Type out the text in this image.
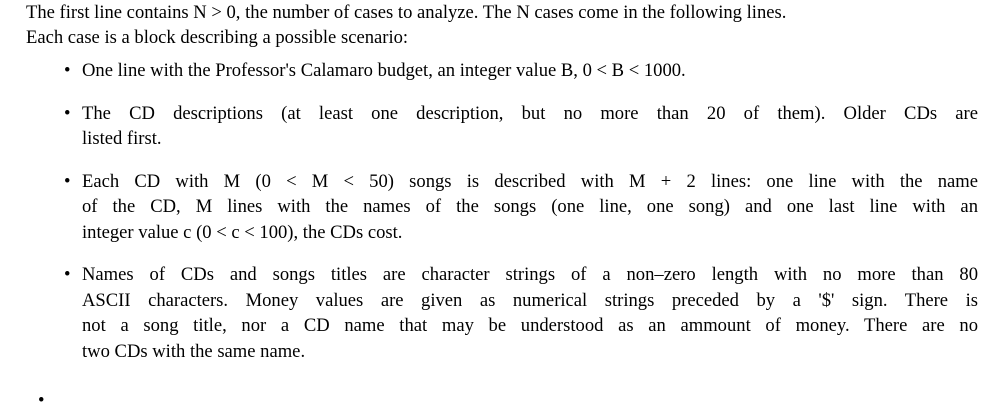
The first line contains N > 0, the number of cases to analyze. The N cases come in the following lines.
Each case is a block describing a possible scenario:
• One line with the Professor's Calamaro budget, an integer value B, 0 < B < 1000.
• The CD descriptions (at least one description, but no more than 20 of them). Older CDs are
listed first.
• Each CD with M (0 < M < 50) songs is described with M + 2 lines: one line with the name
of the CD, M lines with the names of the songs (one line, one song) and one last line with an
integer value c (0 < c < 100), the CDs cost.
• Names of CDs and songs titles are character strings of a non–zero length with no more than 80
ASCII characters. Money values are given as numerical strings preceded by a '$' sign. There is
not a song title, nor a CD name that may be understood as an ammount of money. There are no
two CDs with the same name.
•
